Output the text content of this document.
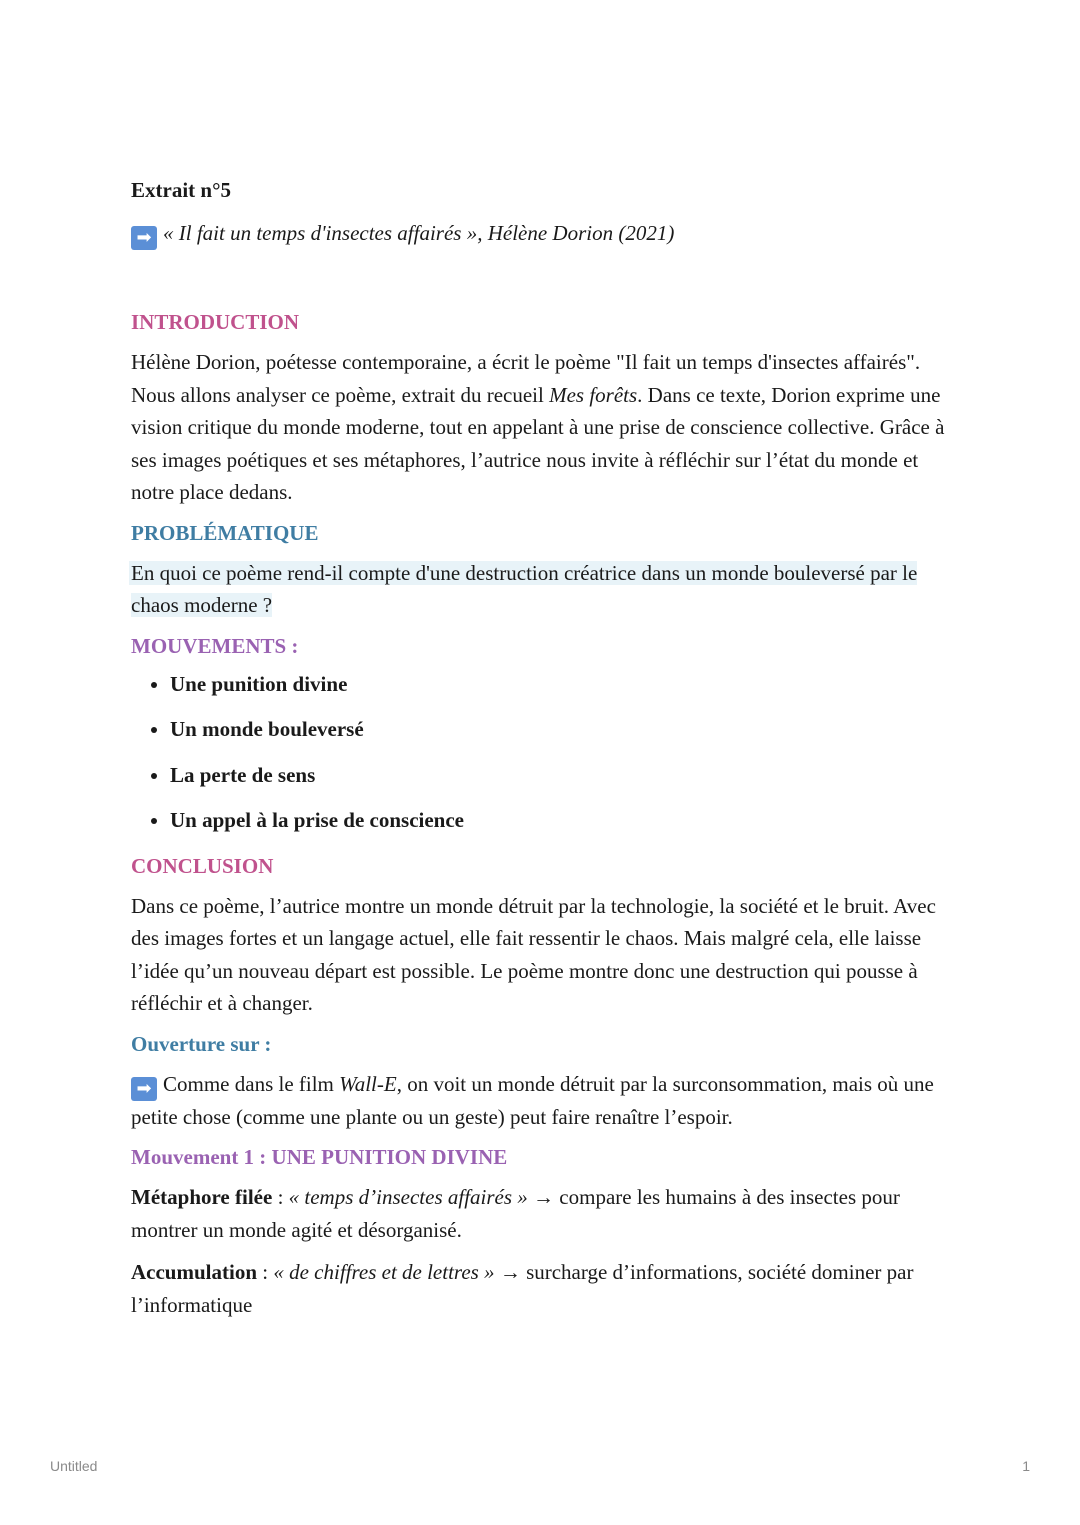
Extrait n°5
➡ « Il fait un temps d'insectes affairés », Hélène Dorion (2021)
INTRODUCTION

Hélène Dorion, poétesse contemporaine, a écrit le poème "Il fait un temps d'insectes affairés". Nous allons analyser ce poème, extrait du recueil Mes forêts. Dans ce texte, Dorion exprime une vision critique du monde moderne, tout en appelant à une prise de conscience collective. Grâce à ses images poétiques et ses métaphores, l’autrice nous invite à réfléchir sur l’état du monde et notre place dedans.

PROBLÉMATIQUE

En quoi ce poème rend-il compte d'une destruction créatrice dans un monde bouleversé par le chaos moderne ?

MOUVEMENTS :
• Une punition divine
• Un monde bouleversé
• La perte de sens
• Un appel à la prise de conscience
CONCLUSION

Dans ce poème, l’autrice montre un monde détruit par la technologie, la société et le bruit. Avec des images fortes et un langage actuel, elle fait ressentir le chaos. Mais malgré cela, elle laisse l’idée qu’un nouveau départ est possible. Le poème montre donc une destruction qui pousse à réfléchir et à changer.

Ouverture sur :

➡ Comme dans le film Wall-E, on voit un monde détruit par la surconsommation, mais où une petite chose (comme une plante ou un geste) peut faire renaître l’espoir.

Mouvement 1 : UNE PUNITION DIVINE

Métaphore filée : « temps d’insectes affairés » → compare les humains à des insectes pour montrer un monde agité et désorganisé.

Accumulation : « de chiffres et de lettres » → surcharge d’informations, société dominer par l’informatique

Untitled	1
